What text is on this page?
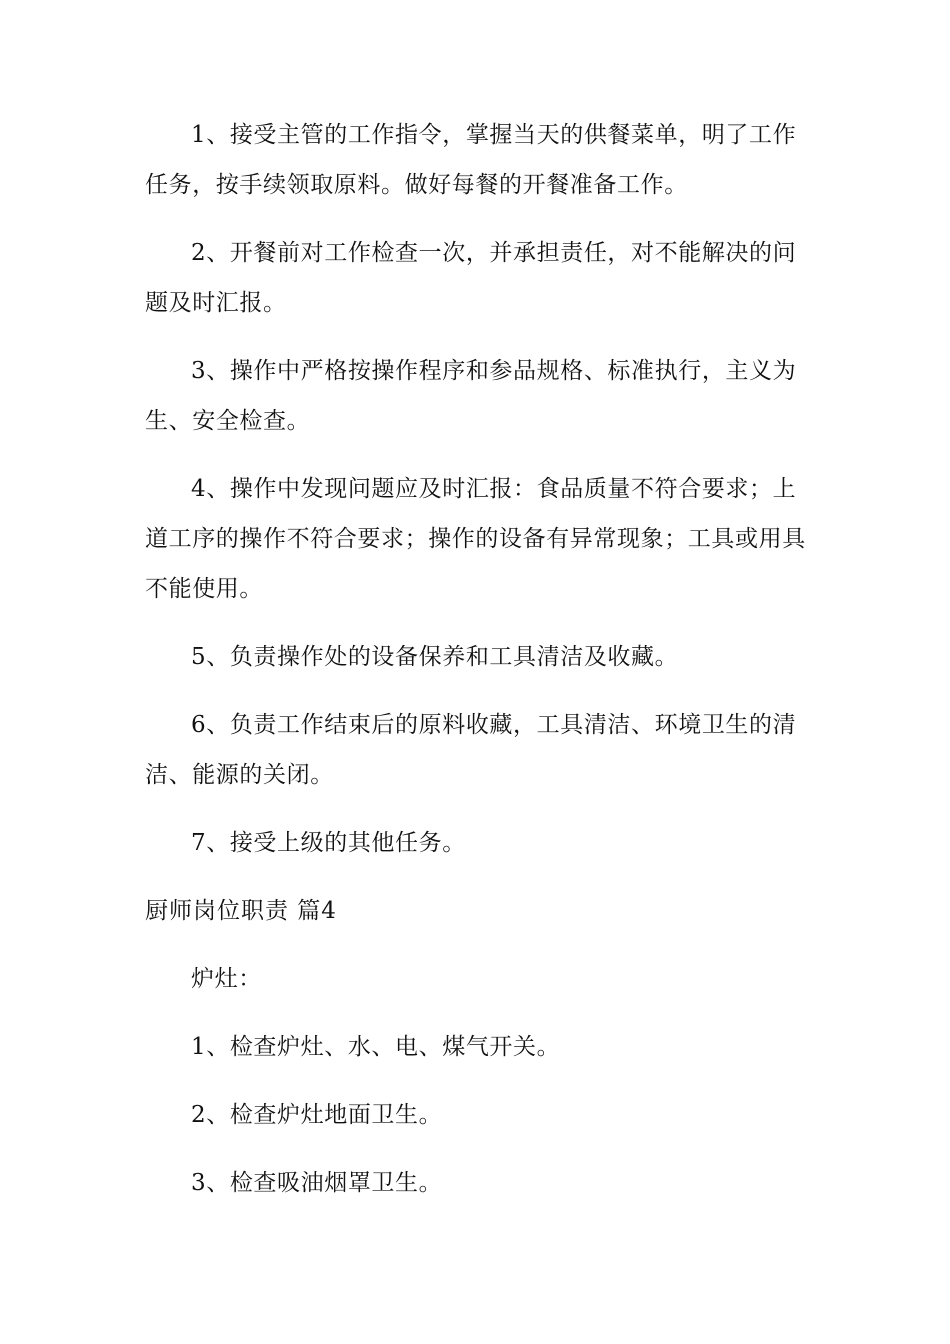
1、接受主管的工作指令，掌握当天的供餐菜单，明了工作任务，按手续领取原料。做好每餐的开餐准备工作。

2、开餐前对工作检查一次，并承担责任，对不能解决的问题及时汇报。

3、操作中严格按操作程序和参品规格、标准执行，主义为生、安全检查。

4、操作中发现问题应及时汇报：食品质量不符合要求；上道工序的操作不符合要求；操作的设备有异常现象；工具或用具不能使用。

5、负责操作处的设备保养和工具清洁及收藏。

6、负责工作结束后的原料收藏，工具清洁、环境卫生的清洁、能源的关闭。

7、接受上级的其他任务。

厨师岗位职责 篇4

炉灶：

1、检查炉灶、水、电、煤气开关。

2、检查炉灶地面卫生。

3、检查吸油烟罩卫生。
